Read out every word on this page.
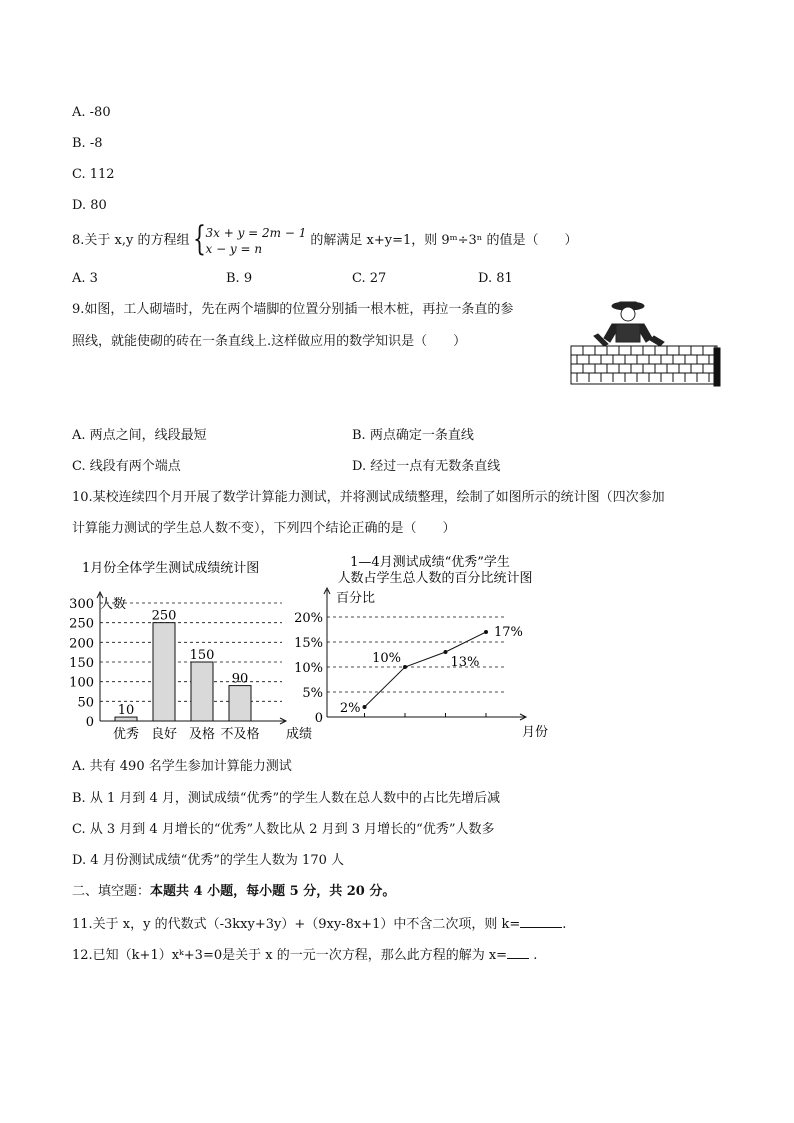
A. -80
B. -8
C. 112
D. 80
8.关于 x,y 的方程组 { 3x + y = 2m − 1
x − y = n的解满足 x+y=1，则 9ᵐ÷3ⁿ 的值是（　　）
A. 3	B. 9	C. 27	D. 81
9.如图，工人砌墙时，先在两个墙脚的位置分别插一根木桩，再拉一条直的参
照线，就能使砌的砖在一条直线上.这样做应用的数学知识是（　　）
A. 两点之间，线段最短	B. 两点确定一条直线
C. 线段有两个端点	D. 经过一点有无数条直线
10.某校连续四个月开展了数学计算能力测试，并将测试成绩整理，绘制了如图所示的统计图（四次参加
计算能力测试的学生总人数不变），下列四个结论正确的是（　　）
1月份全体学生测试成绩统计图
人数
成绩
0
50
100
150
200
250
300
10
250
150
90
优秀 良好 及格 不及格
1—4月测试成绩“优秀”学生
人数占学生总人数的百分比统计图
百分比
月份
0
5%
10%
15%
20%
2%
10%	13%
17%
A. 共有 490 名学生参加计算能力测试
B. 从 1 月到 4 月，测试成绩“优秀”的学生人数在总人数中的占比先增后减
C. 从 3 月到 4 月增长的“优秀”人数比从 2 月到 3 月增长的“优秀”人数多
D. 4 月份测试成绩“优秀”的学生人数为 170 人
二、填空题：本题共 4 小题，每小题 5 分，共 20 分。
11.关于 x，y 的代数式（-3kxy+3y）+（9xy-8x+1）中不含二次项，则 k=	.
12.已知（k+1）xᵏ+3=0是关于 x 的一元一次方程，那么此方程的解为 x= .
